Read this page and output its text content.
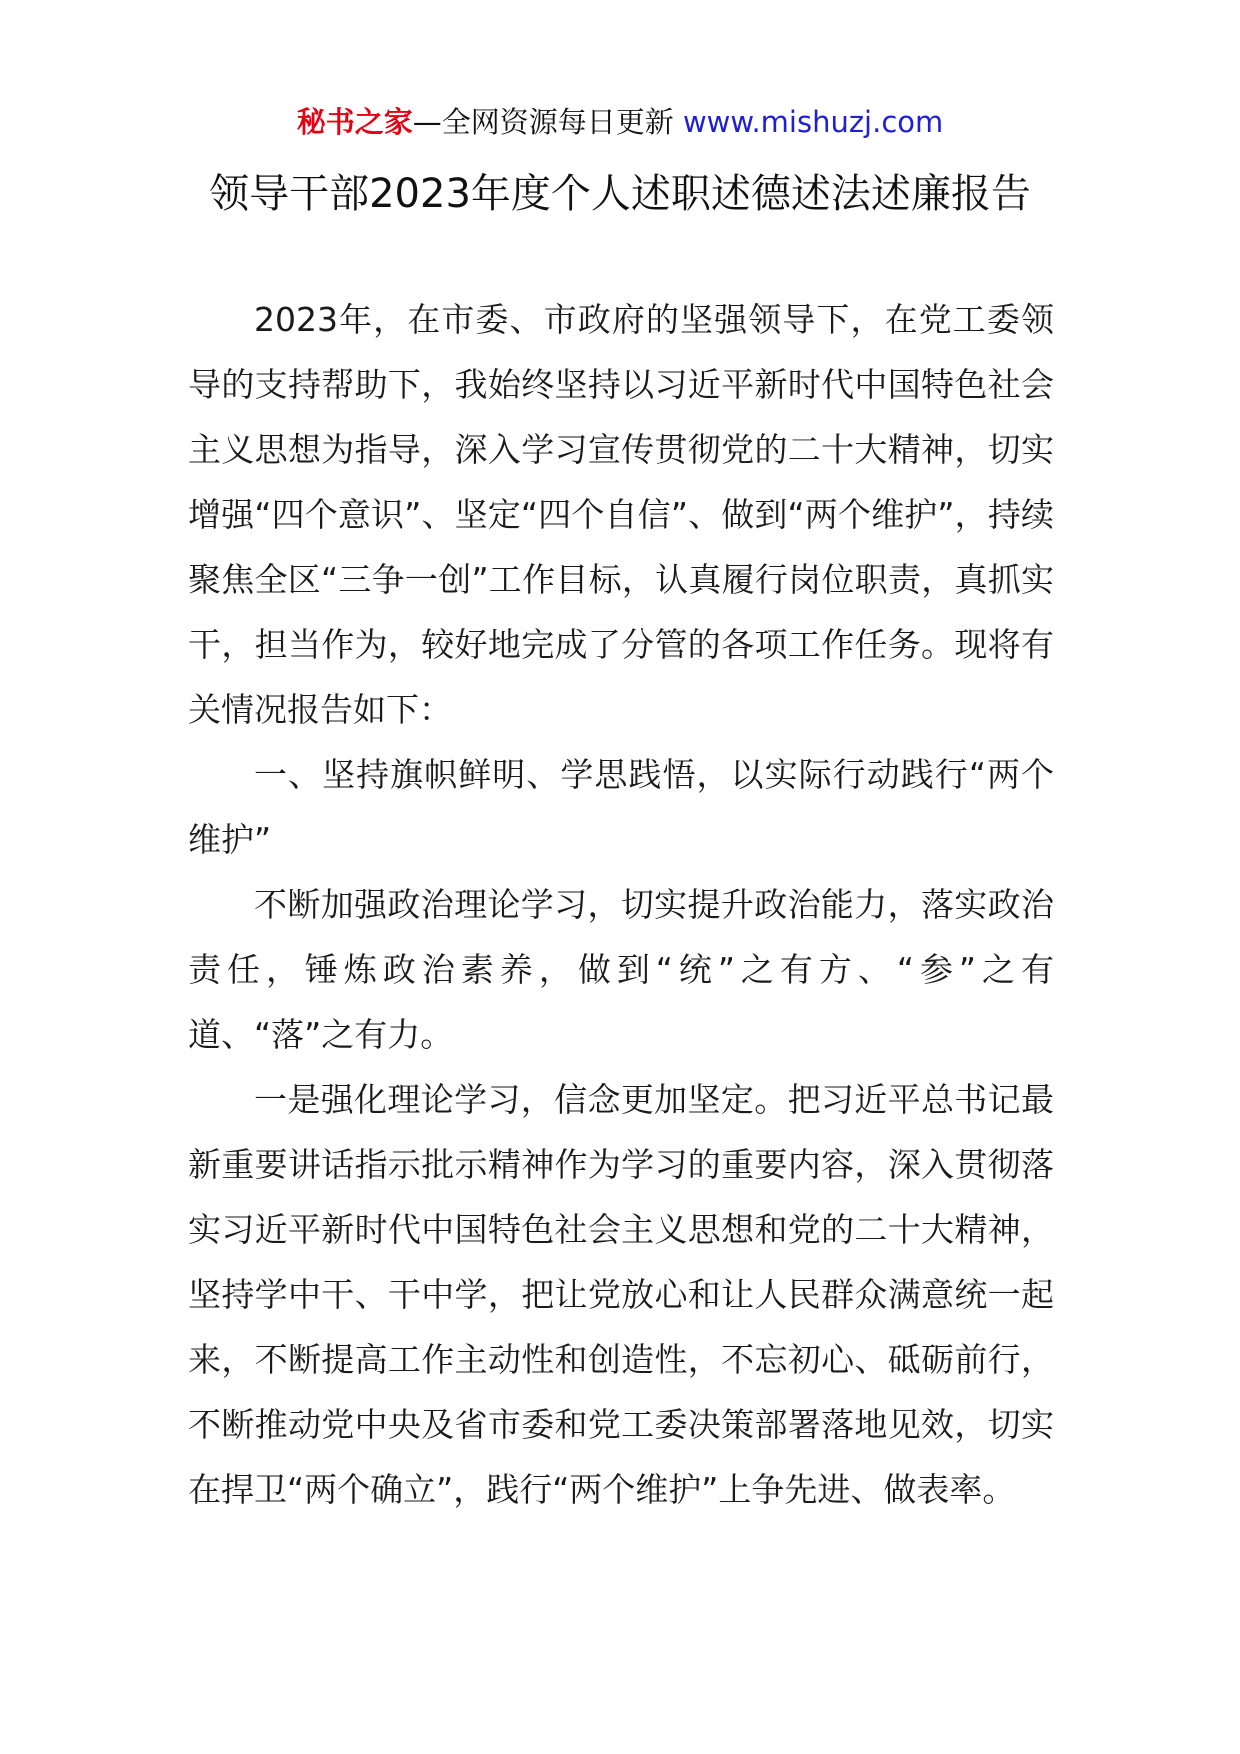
秘书之家—全网资源每日更新 www.mishuzj.com
领导干部2023年度个人述职述德述法述廉报告

2023年，在市委、市政府的坚强领导下，在党工委领导的支持帮助下，我始终坚持以习近平新时代中国特色社会主义思想为指导，深入学习宣传贯彻党的二十大精神，切实增强“四个意识”、坚定“四个自信”、做到“两个维护”，持续聚焦全区“三争一创”工作目标，认真履行岗位职责，真抓实干，担当作为，较好地完成了分管的各项工作任务。现将有关情况报告如下：

一、坚持旗帜鲜明、学思践悟，以实际行动践行“两个维护”

不断加强政治理论学习，切实提升政治能力，落实政治责任，锤炼政治素养，做到“统”之有方、“参”之有道、“落”之有力。

一是强化理论学习，信念更加坚定。把习近平总书记最新重要讲话指示批示精神作为学习的重要内容，深入贯彻落实习近平新时代中国特色社会主义思想和党的二十大精神，坚持学中干、干中学，把让党放心和让人民群众满意统一起来，不断提高工作主动性和创造性，不忘初心、砥砺前行，不断推动党中央及省市委和党工委决策部署落地见效，切实在捍卫“两个确立”，践行“两个维护”上争先进、做表率。
